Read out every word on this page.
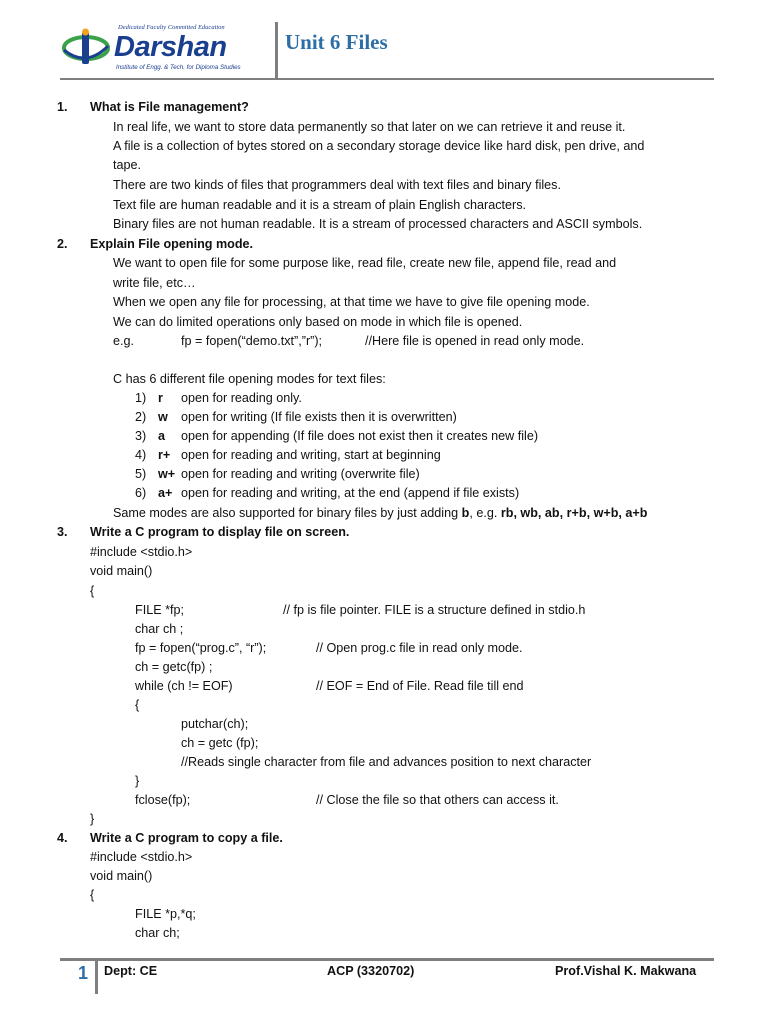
Dedicated Faculty Committed Education
Darshan
Institute of Engg. & Tech. for Diploma Studies
Unit 6 Files
1. What is File management?
In real life, we want to store data permanently so that later on we can retrieve it and reuse it.
A file is a collection of bytes stored on a secondary storage device like hard disk, pen drive, and
tape.
There are two kinds of files that programmers deal with text files and binary files.
Text file are human readable and it is a stream of plain English characters.
Binary files are not human readable. It is a stream of processed characters and ASCII symbols.
2. Explain File opening mode.
We want to open file for some purpose like, read file, create new file, append file, read and
write file, etc…
When we open any file for processing, at that time we have to give file opening mode.
We can do limited operations only based on mode in which file is opened.
e.g.	fp = fopen(“demo.txt”,”r”);	//Here file is opened in read only mode.
C has 6 different file opening modes for text files:
1) r open for reading only.
2) w open for writing (If file exists then it is overwritten)
3) a open for appending (If file does not exist then it creates new file)
4) r+ open for reading and writing, start at beginning
5) w+ open for reading and writing (overwrite file)
6) a+ open for reading and writing, at the end (append if file exists)
Same modes are also supported for binary files by just adding b, e.g. rb, wb, ab, r+b, w+b, a+b
3. Write a C program to display file on screen.
#include <stdio.h>
void main()
{
FILE *fp;	// fp is file pointer. FILE is a structure defined in stdio.h
char ch ;
fp = fopen(“prog.c”, “r”);	// Open prog.c file in read only mode.
ch = getc(fp) ;
while (ch != EOF)	// EOF = End of File. Read file till end
{
putchar(ch);
ch = getc (fp);
//Reads single character from file and advances position to next character
}
fclose(fp);	// Close the file so that others can access it.
}
4. Write a C program to copy a file.
#include <stdio.h>
void main()
{
FILE *p,*q;
char ch;
1 Dept: CE	ACP (3320702)	Prof.Vishal K. Makwana
